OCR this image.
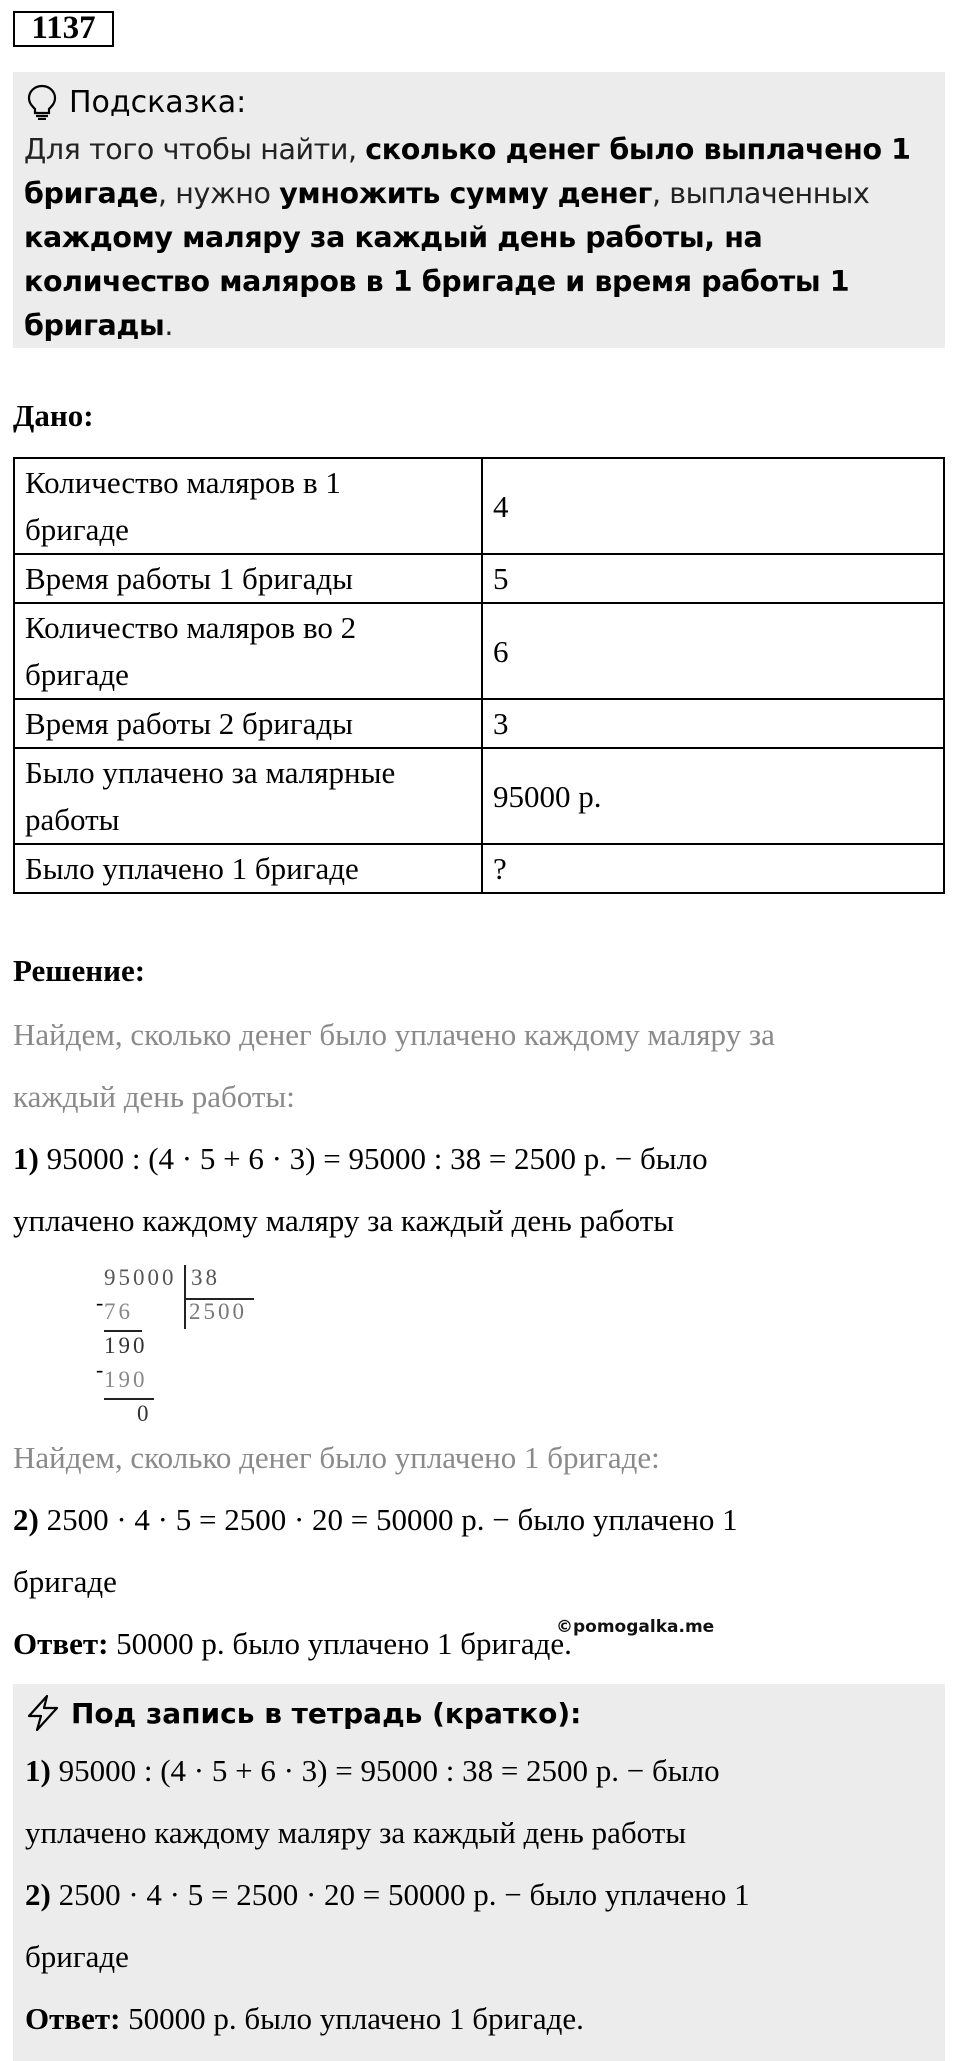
1137
Подсказка:
Для того чтобы найти, сколько денег было выплачено 1 бригаде, нужно умножить сумму денег, выплаченных каждому маляру за каждый день работы, на количество маляров в 1 бригаде и время работы 1 бригады.
Дано:
Количество маляров в 1
бригаде	4

Время работы 1 бригады	5

Количество маляров во 2
бригаде	6

Время работы 2 бригады	3

Было уплачено за малярные
работы	95000 р.

Было уплачено 1 бригаде	?
Решение:
Найдем, сколько денег было уплачено каждому маляру за
каждый день работы:
1) 95000 : (4 · 5 + 6 · 3) = 95000 : 38 = 2500 р. − было
уплачено каждому маляру за каждый день работы
95000 38
2500
- 76
190
- 190
0
Найдем, сколько денег было уплачено 1 бригаде:
2) 2500 · 4 · 5 = 2500 · 20 = 50000 р. − было уплачено 1
бригаде
Ответ: 50000 р. было уплачено 1 бригаде.
©pomogalka.me
Под запись в тетрадь (кратко):
1) 95000 : (4 · 5 + 6 · 3) = 95000 : 38 = 2500 р. − было
уплачено каждому маляру за каждый день работы
2) 2500 · 4 · 5 = 2500 · 20 = 50000 р. − было уплачено 1
бригаде
Ответ: 50000 р. было уплачено 1 бригаде.
